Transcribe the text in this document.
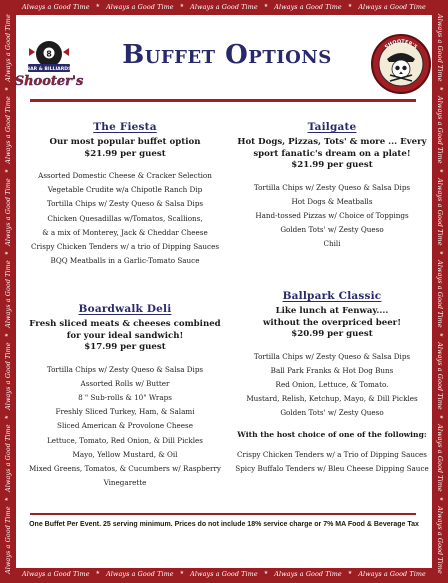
Always a Good Time ★ Always a Good Time ★ Always a Good Time ★ Always a Good Time ★ Always a Good Time
Always a Good Time ★ Always a Good Time ★ Always a Good Time ★ Always a Good Time ★ Always a Good Time
Always a Good Time
★
Always a Good Time
★
Always a Good Time
★
Always a Good Time
★
Always a Good Time
★
Always a Good Time
★
Always a Good Time	Always a Good Time
★
Always a Good Time
★
Always a Good Time
★
Always a Good Time
★
Always a Good Time
★
Always a Good Time
★
Always a Good Time
8
BAR & BILLIARDS
Shooter's
SHOOTER'S
Buffet Options
The Fiesta
Our most popular buffet option
$21.99 per guest
Assorted Domestic Cheese & Cracker Selection
Vegetable Crudite w/a Chipotle Ranch Dip
Tortilla Chips w/ Zesty Queso & Salsa Dips
Chicken Quesadillas w/Tomatos, Scallions,
& a mix of Monterey, Jack & Cheddar Cheese
Crispy Chicken Tenders w/ a trio of Dipping Sauces
BQQ Meatballs in a Garlic-Tomato Sauce
Boardwalk Deli
Fresh sliced meats & cheeses combined
for your ideal sandwich!
$17.99 per guest
Tortilla Chips w/ Zesty Queso & Salsa Dips
Assorted Rolls w/ Butter
8 " Sub-rolls & 10" Wraps
Freshly Sliced Turkey, Ham, & Salami
Sliced American & Provolone Cheese
Lettuce, Tomato, Red Onion, & Dill Pickles
Mayo, Yellow Mustard, & Oil
Mixed Greens, Tomatos, & Cucumbers w/ Raspberry
Vinegarette
Tailgate
Hot Dogs, Pizzas, Tots' & more ... Every
sport fanatic's dream on a plate!
$21.99 per guest
Tortilla Chips w/ Zesty Queso & Salsa Dips
Hot Dogs & Meatballs
Hand-tossed Pizzas w/ Choice of Toppings
Golden Tots' w/ Zesty Queso
Chili
Ballpark Classic
Like lunch at Fenway....
without the overpriced beer!
$20.99 per guest
Tortilla Chips w/ Zesty Queso & Salsa Dips
Ball Park Franks & Hot Dog Buns
Red Onion, Lettuce, & Tomato.
Mustard, Relish, Ketchup, Mayo, & Dill Pickles
Golden Tots' w/ Zesty Queso
With the host choice of one of the following:
Crispy Chicken Tenders w/ a Trio of Dipping Sauces
Spicy Buffalo Tenders w/ Bleu Cheese Dipping Sauce
One Buffet Per Event. 25 serving minimum. Prices do not include 18% service charge or 7% MA Food & Beverage Tax
